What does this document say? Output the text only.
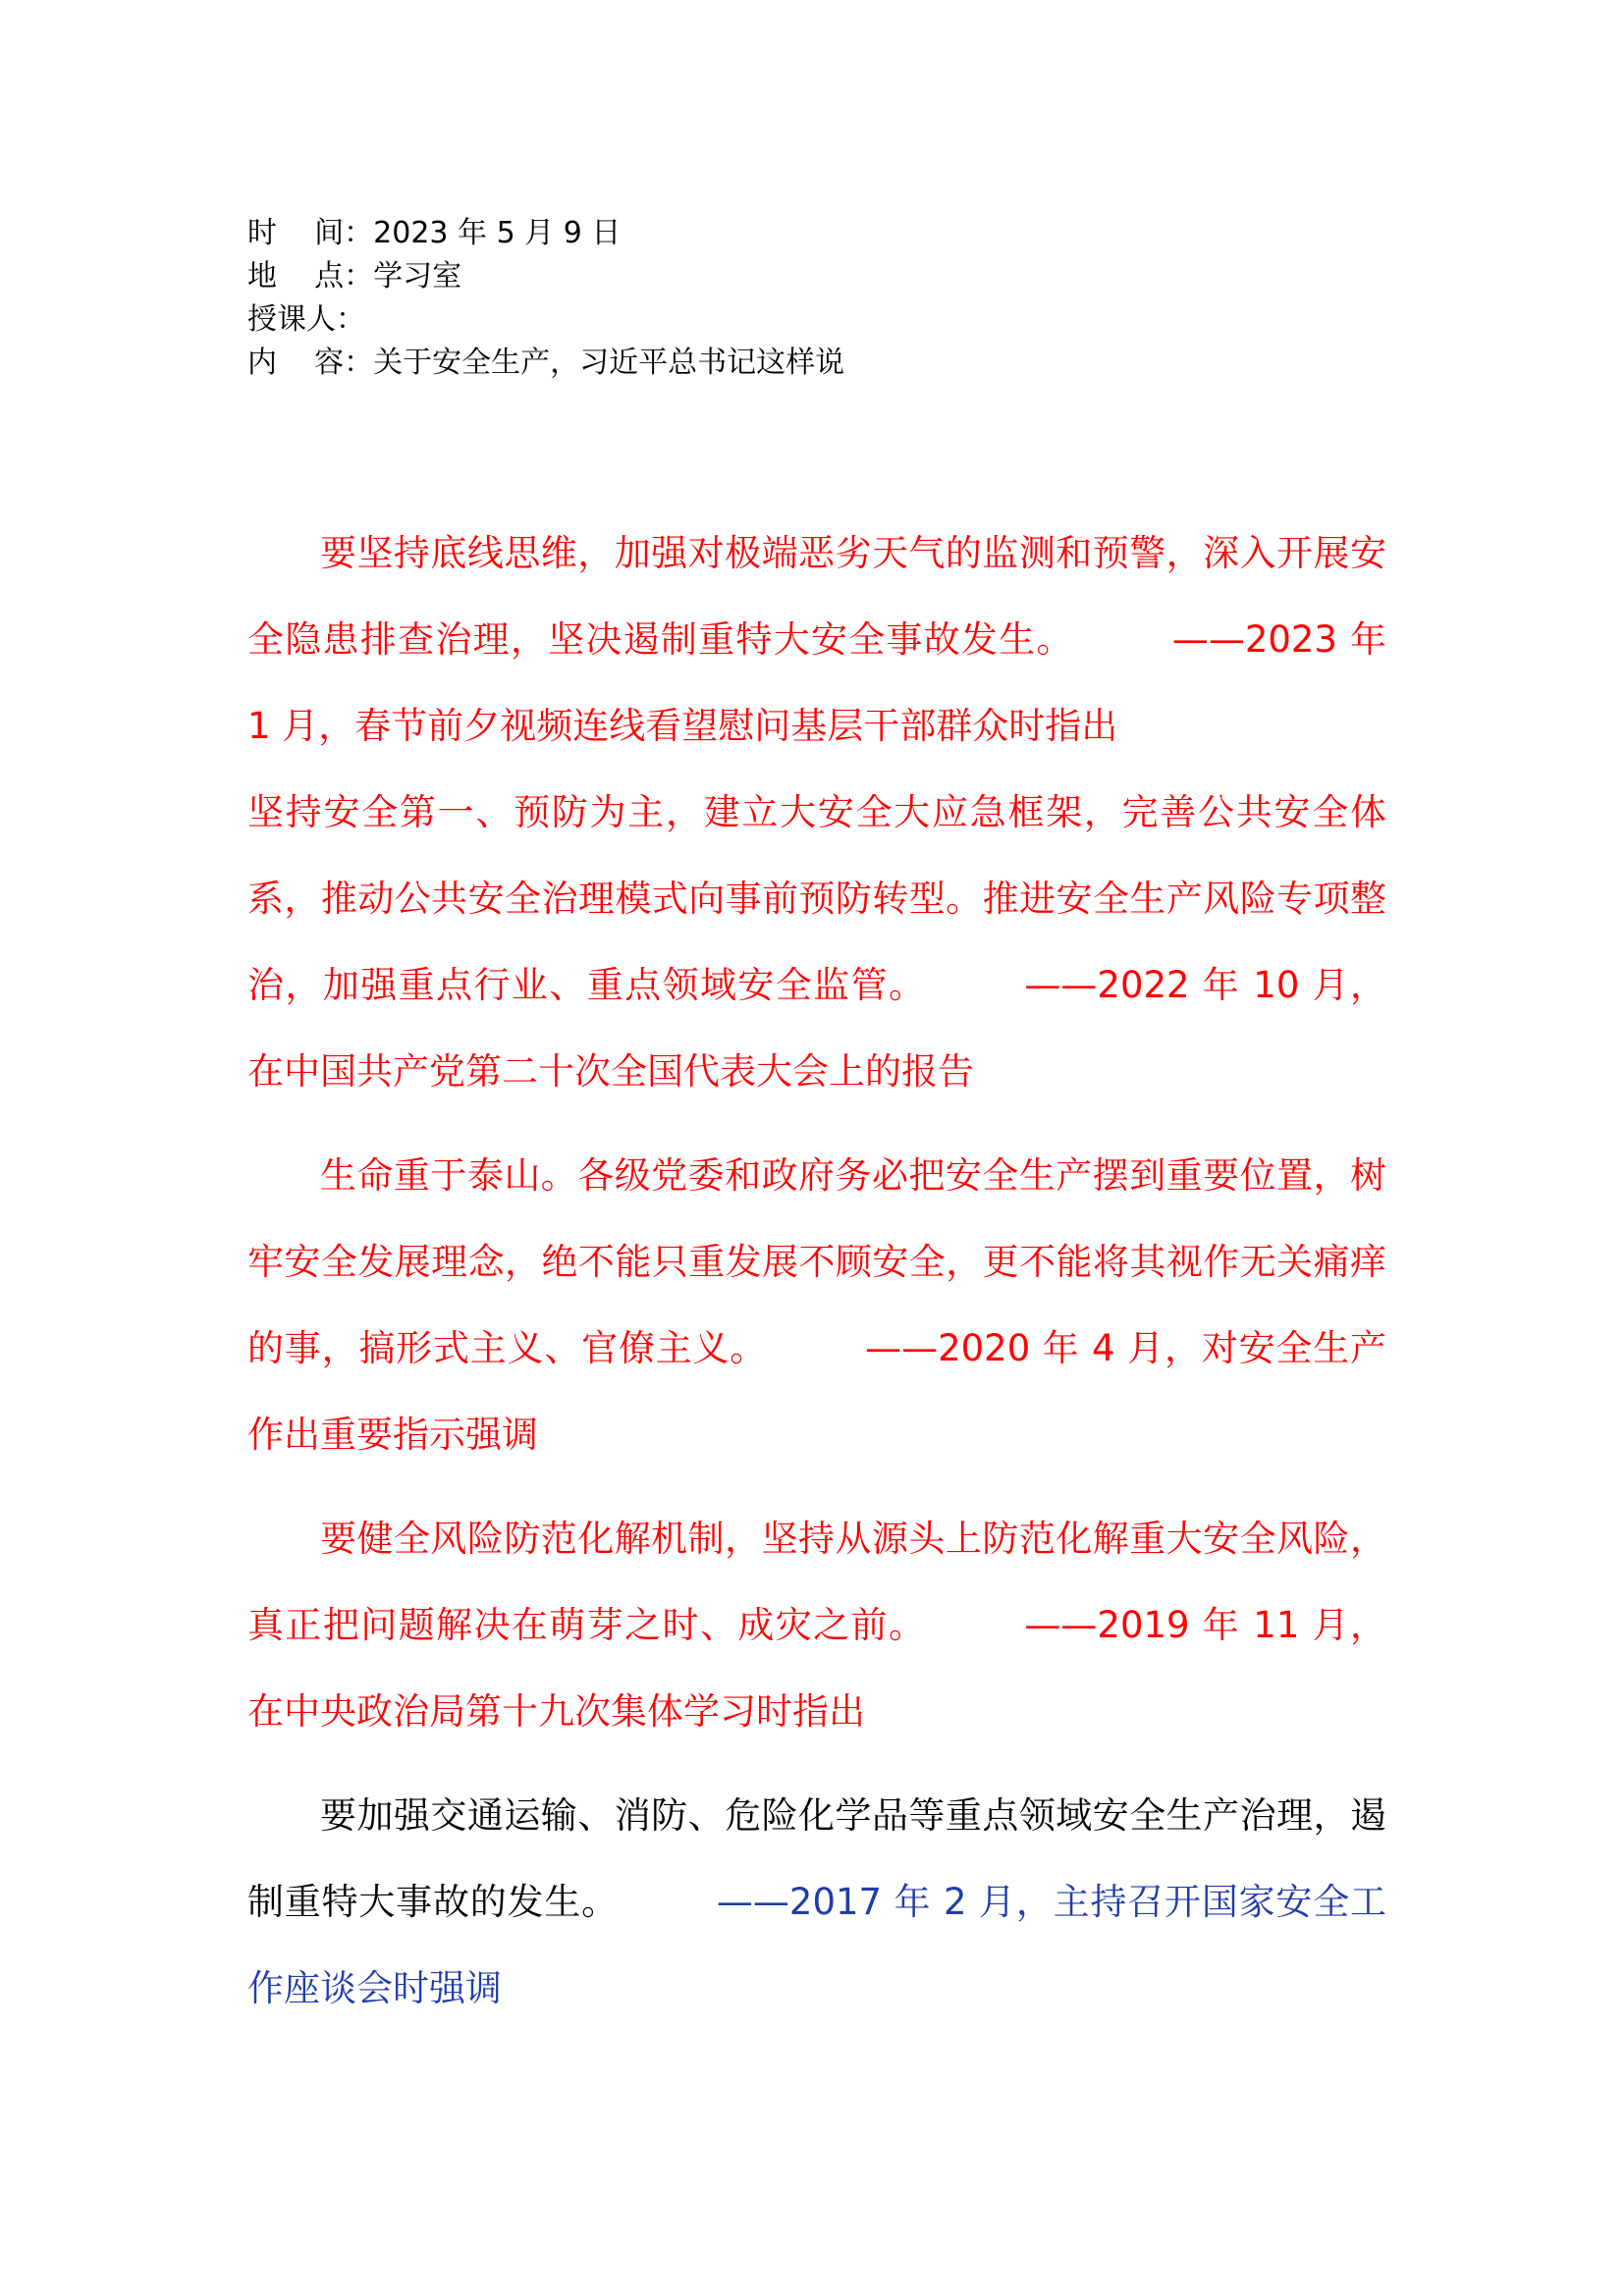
时    间：2023 年 5 月 9 日
地    点：学习室
授课人：
内    容：关于安全生产，习近平总书记这样说

要坚持底线思维，加强对极端恶劣天气的监测和预警，深入开展安全隐患排查治理，坚决遏制重特大安全事故发生。	——2023 年 1 月，春节前夕视频连线看望慰问基层干部群众时指出

坚持安全第一、预防为主，建立大安全大应急框架，完善公共安全体系，推动公共安全治理模式向事前预防转型。推进安全生产风险专项整治，加强重点行业、重点领域安全监管。	——2022 年 10 月，在中国共产党第二十次全国代表大会上的报告

生命重于泰山。各级党委和政府务必把安全生产摆到重要位置，树牢安全发展理念，绝不能只重发展不顾安全，更不能将其视作无关痛痒的事，搞形式主义、官僚主义。	——2020 年 4 月，对安全生产作出重要指示强调

要健全风险防范化解机制，坚持从源头上防范化解重大安全风险，真正把问题解决在萌芽之时、成灾之前。	——2019 年 11 月，在中央政治局第十九次集体学习时指出

要加强交通运输、消防、危险化学品等重点领域安全生产治理，遏制重特大事故的发生。	——2017 年 2 月，主持召开国家安全工作座谈会时强调
